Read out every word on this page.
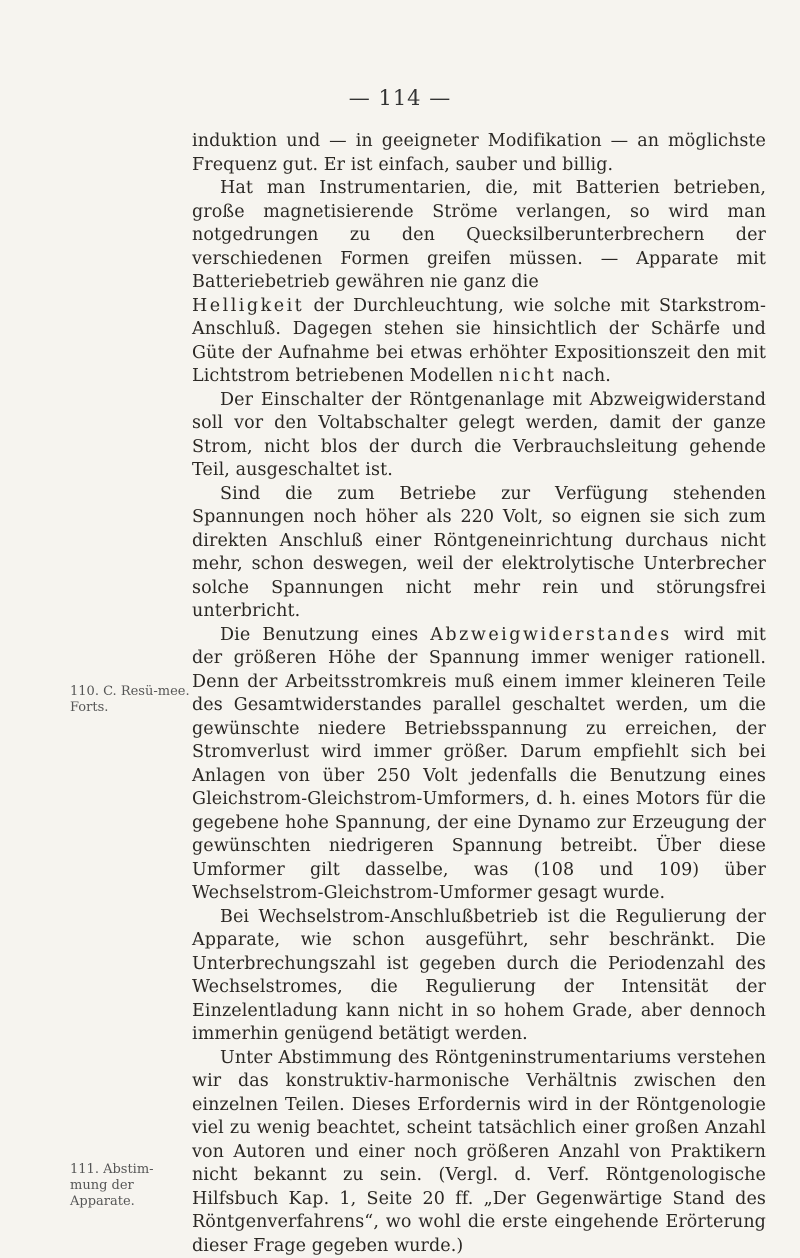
— 114 —
110. C. Resü-mee. Forts.
111. Abstim-mung der Apparate.

induktion und — in geeigneter Modifikation — an möglichste Frequenz gut. Er ist einfach, sauber und billig.

Hat man Instrumentarien, die, mit Batterien betrieben, große magnetisierende Ströme verlangen, so wird man notgedrungen zu den Quecksilberunterbrechern der verschiedenen Formen greifen müssen. — Apparate mit Batteriebetrieb gewähren nie ganz die

Helligkeit der Durchleuchtung, wie solche mit Starkstrom-Anschluß. Dagegen stehen sie hinsichtlich der Schärfe und Güte der Aufnahme bei etwas erhöhter Expositionszeit den mit Lichtstrom betriebenen Modellen nicht nach.

Der Einschalter der Röntgenanlage mit Abzweigwiderstand soll vor den Voltabschalter gelegt werden, damit der ganze Strom, nicht blos der durch die Verbrauchsleitung gehende Teil, ausgeschaltet ist.

Sind die zum Betriebe zur Verfügung stehenden Spannungen noch höher als 220 Volt, so eignen sie sich zum direkten Anschluß einer Röntgeneinrichtung durchaus nicht mehr, schon deswegen, weil der elektrolytische Unterbrecher solche Spannungen nicht mehr rein und störungsfrei unterbricht.

Die Benutzung eines Abzweigwiderstandes wird mit der größeren Höhe der Spannung immer weniger rationell. Denn der Arbeitsstromkreis muß einem immer kleineren Teile des Gesamtwiderstandes parallel geschaltet werden, um die gewünschte niedere Betriebsspannung zu erreichen, der Stromverlust wird immer größer. Darum empfiehlt sich bei Anlagen von über 250 Volt jedenfalls die Benutzung eines Gleichstrom-Gleichstrom-Umformers, d. h. eines Motors für die gegebene hohe Spannung, der eine Dynamo zur Erzeugung der gewünschten niedrigeren Spannung betreibt. Über diese Umformer gilt dasselbe, was (108 und 109) über Wechselstrom-Gleichstrom-Umformer gesagt wurde.

Bei Wechselstrom-Anschlußbetrieb ist die Regulierung der Apparate, wie schon ausgeführt, sehr beschränkt. Die Unterbrechungszahl ist gegeben durch die Periodenzahl des Wechselstromes, die Regulierung der Intensität der Einzelentladung kann nicht in so hohem Grade, aber dennoch immerhin genügend betätigt werden.

Unter Abstimmung des Röntgeninstrumentariums verstehen wir das konstruktiv-harmonische Verhältnis zwischen den einzelnen Teilen. Dieses Erfordernis wird in der Röntgenologie viel zu wenig beachtet, scheint tatsächlich einer großen Anzahl von Autoren und einer noch größeren Anzahl von Praktikern nicht bekannt zu sein. (Vergl. d. Verf. Röntgenologische Hilfsbuch Kap. 1, Seite 20 ff. „Der Gegenwärtige Stand des Röntgenverfahrens“, wo wohl die erste eingehende Erörterung dieser Frage gegeben wurde.)
